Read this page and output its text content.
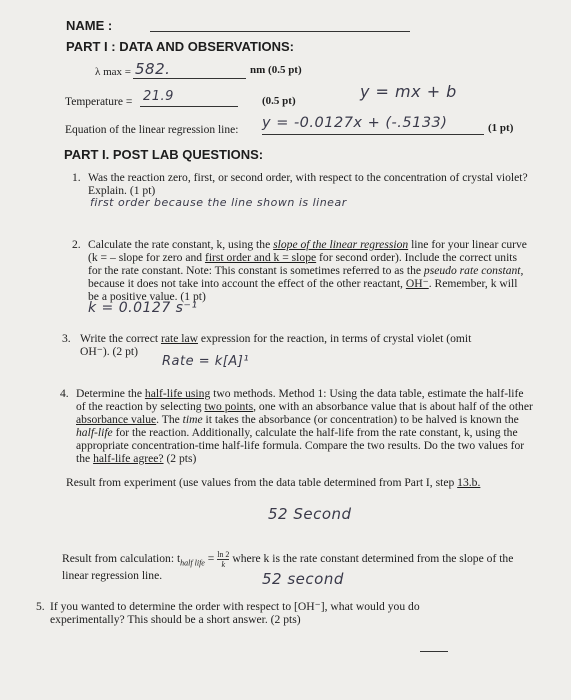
NAME :
PART I : DATA AND OBSERVATIONS:
λ max = 582.	nm (0.5 pt)
Temperature = 21.9	(0.5 pt)	y = mx + b
Equation of the linear regression line: y = -0.0127x + (-.5133)	(1 pt)
PART I. POST LAB QUESTIONS:
1. Was the reaction zero, first, or second order, with respect to the concentration of crystal violet? Explain. (1 pt)
first order because the line shown is linear
2. Calculate the rate constant, k, using the slope of the linear regression line for your linear curve (k = – slope for zero and first order and k = slope for second order). Include the correct units for the rate constant. Note: This constant is sometimes referred to as the pseudo rate constant, because it does not take into account the effect of the other reactant, OH⁻. Remember, k will be a positive value. (1 pt)
k = 0.0127 s⁻¹
3. Write the correct rate law expression for the reaction, in terms of crystal violet (omit OH⁻). (2 pt)
Rate = k[A]¹
4. Determine the half-life using two methods. Method 1: Using the data table, estimate the half-life of the reaction by selecting two points, one with an absorbance value that is about half of the other absorbance value. The time it takes the absorbance (or concentration) to be halved is known the half-life for the reaction. Additionally, calculate the half-life from the rate constant, k, using the appropriate concentration-time half-life formula. Compare the two results. Do the two values for the half-life agree? (2 pts)
Result from experiment (use values from the data table determined from Part I, step 13.b.
52 Second
Result from calculation: $t_{half life} = \frac{\ln 2}{k}$ where k is the rate constant determined from the slope of the linear regression line.	52 second
5. If you wanted to determine the order with respect to [OH⁻], what would you do experimentally? This should be a short answer. (2 pts)
